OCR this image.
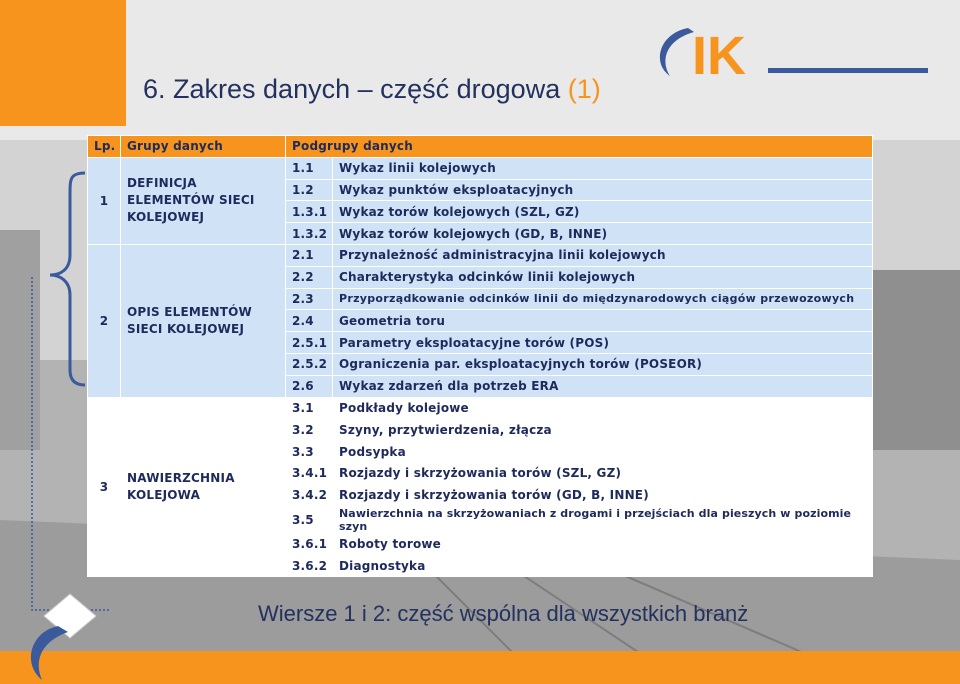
6. Zakres danych – część drogowa (1)
IK
Lp.	Grupy danych	Podgrupy danych	
1	DEFINICJA ELEMENTÓW SIECI KOLEJOWEJ	1.1	Wykaz linii kolejowych
		1.2	Wykaz punktów eksploatacyjnych
		1.3.1	Wykaz torów kolejowych (SZL, GZ)
		1.3.2	Wykaz torów kolejowych (GD, B, INNE)
2	OPIS ELEMENTÓW SIECI KOLEJOWEJ	2.1	Przynależność administracyjna linii kolejowych
		2.2	Charakterystyka odcinków linii kolejowych
		2.3	Przyporządkowanie odcinków linii do międzynarodowych ciągów przewozowych
		2.4	Geometria toru
		2.5.1	Parametry eksploatacyjne torów (POS)
		2.5.2	Ograniczenia par. eksploatacyjnych torów (POSEOR)
		2.6	Wykaz zdarzeń dla potrzeb ERA
3	NAWIERZCHNIA KOLEJOWA	3.1	Podkłady kolejowe
		3.2	Szyny, przytwierdzenia, złącza
		3.3	Podsypka
		3.4.1	Rozjazdy i skrzyżowania torów (SZL, GZ)
		3.4.2	Rozjazdy i skrzyżowania torów (GD, B, INNE)
		3.5	Nawierzchnia na skrzyżowaniach z drogami i przejściach dla pieszych w poziomie szyn
		3.6.1	Roboty torowe
		3.6.2	Diagnostyka
Wiersze 1 i 2: część wspólna dla wszystkich branż
